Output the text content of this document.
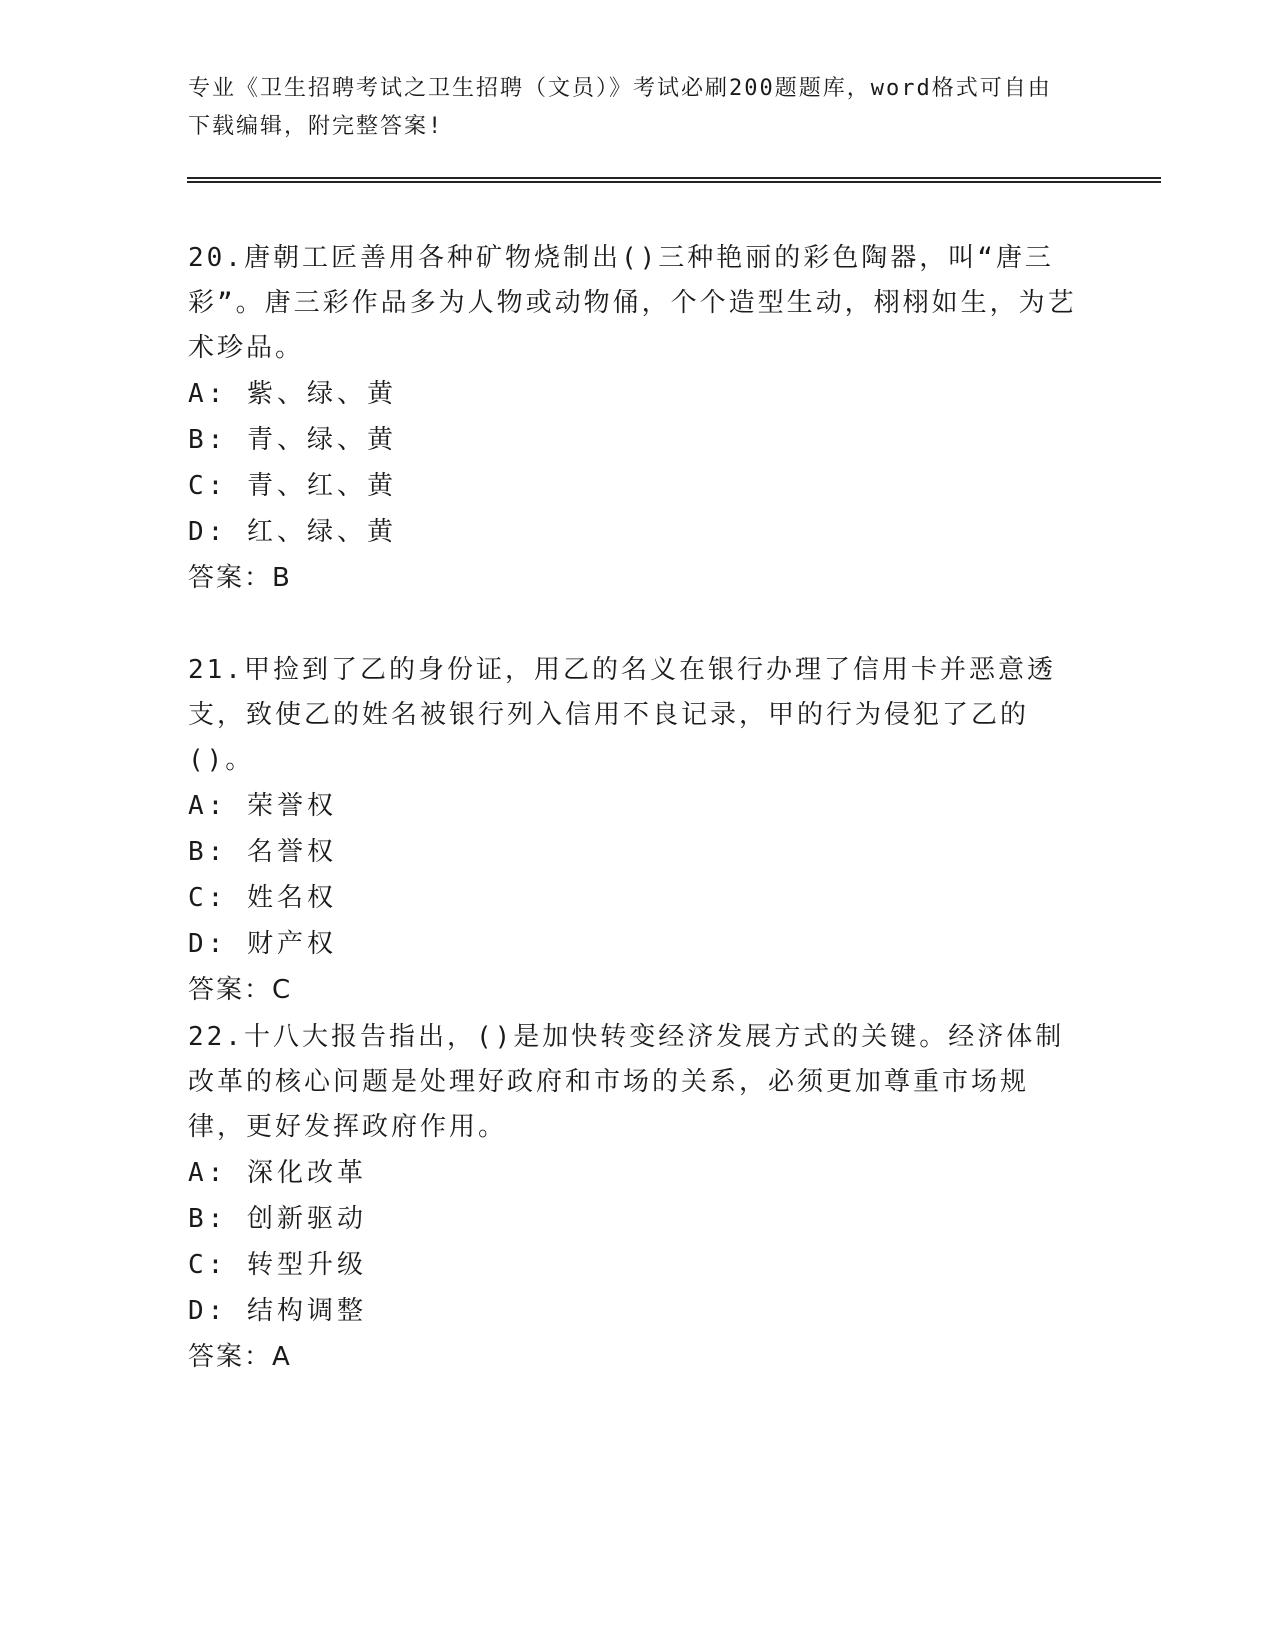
专业《卫生招聘考试之卫生招聘（文员）》考试必刷200题题库，word格式可自由下载编辑，附完整答案!

20.唐朝工匠善用各种矿物烧制出()三种艳丽的彩色陶器，叫“唐三彩”。唐三彩作品多为人物或动物俑，个个造型生动，栩栩如生，为艺术珍品。

A: 紫、绿、黄
B: 青、绿、黄
C: 青、红、黄
D: 红、绿、黄
答案：B

21.甲捡到了乙的身份证，用乙的名义在银行办理了信用卡并恶意透支，致使乙的姓名被银行列入信用不良记录，甲的行为侵犯了乙的()。

A: 荣誉权
B: 名誉权
C: 姓名权
D: 财产权
答案：C

22.十八大报告指出，()是加快转变经济发展方式的关键。经济体制改革的核心问题是处理好政府和市场的关系，必须更加尊重市场规律，更好发挥政府作用。

A: 深化改革
B: 创新驱动
C: 转型升级
D: 结构调整
答案：A
